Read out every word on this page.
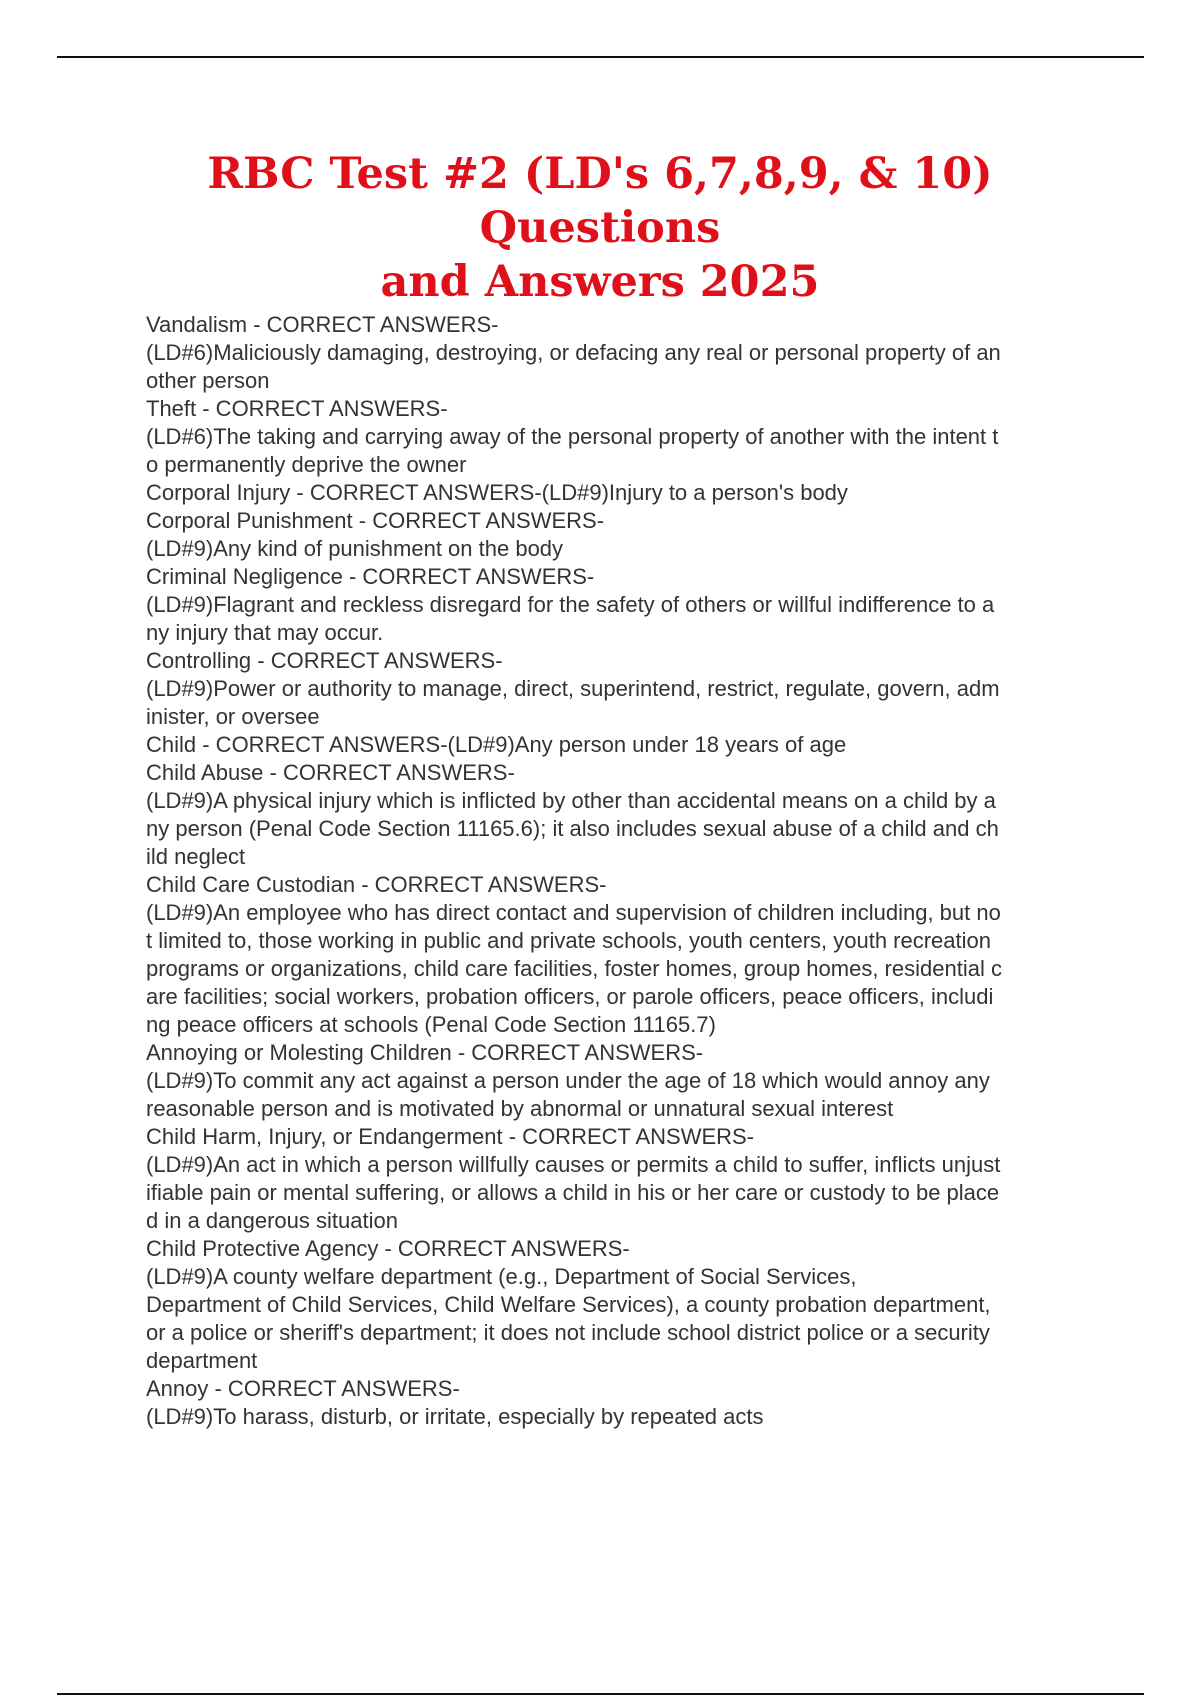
RBC Test #2 (LD's 6,7,8,9, & 10) Questions
and Answers 2025
Vandalism - CORRECT ANSWERS-
(LD#6)Maliciously damaging, destroying, or defacing any real or personal property of an
other person
Theft - CORRECT ANSWERS-
(LD#6)The taking and carrying away of the personal property of another with the intent t
o permanently deprive the owner
Corporal Injury - CORRECT ANSWERS-(LD#9)Injury to a person's body
Corporal Punishment - CORRECT ANSWERS-
(LD#9)Any kind of punishment on the body
Criminal Negligence - CORRECT ANSWERS-
(LD#9)Flagrant and reckless disregard for the safety of others or willful indifference to a
ny injury that may occur.
Controlling - CORRECT ANSWERS-
(LD#9)Power or authority to manage, direct, superintend, restrict, regulate, govern, adm
inister, or oversee
Child - CORRECT ANSWERS-(LD#9)Any person under 18 years of age
Child Abuse - CORRECT ANSWERS-
(LD#9)A physical injury which is inflicted by other than accidental means on a child by a
ny person (Penal Code Section 11165.6); it also includes sexual abuse of a child and ch
ild neglect
Child Care Custodian - CORRECT ANSWERS-
(LD#9)An employee who has direct contact and supervision of children including, but no
t limited to, those working in public and private schools, youth centers, youth recreation
programs or organizations, child care facilities, foster homes, group homes, residential c
are facilities; social workers, probation officers, or parole officers, peace officers, includi
ng peace officers at schools (Penal Code Section 11165.7)
Annoying or Molesting Children - CORRECT ANSWERS-
(LD#9)To commit any act against a person under the age of 18 which would annoy any
reasonable person and is motivated by abnormal or unnatural sexual interest
Child Harm, Injury, or Endangerment - CORRECT ANSWERS-
(LD#9)An act in which a person willfully causes or permits a child to suffer, inflicts unjust
ifiable pain or mental suffering, or allows a child in his or her care or custody to be place
d in a dangerous situation
Child Protective Agency - CORRECT ANSWERS-
(LD#9)A county welfare department (e.g., Department of Social Services,
Department of Child Services, Child Welfare Services), a county probation department,
or a police or sheriff's department; it does not include school district police or a security
department
Annoy - CORRECT ANSWERS-
(LD#9)To harass, disturb, or irritate, especially by repeated acts
